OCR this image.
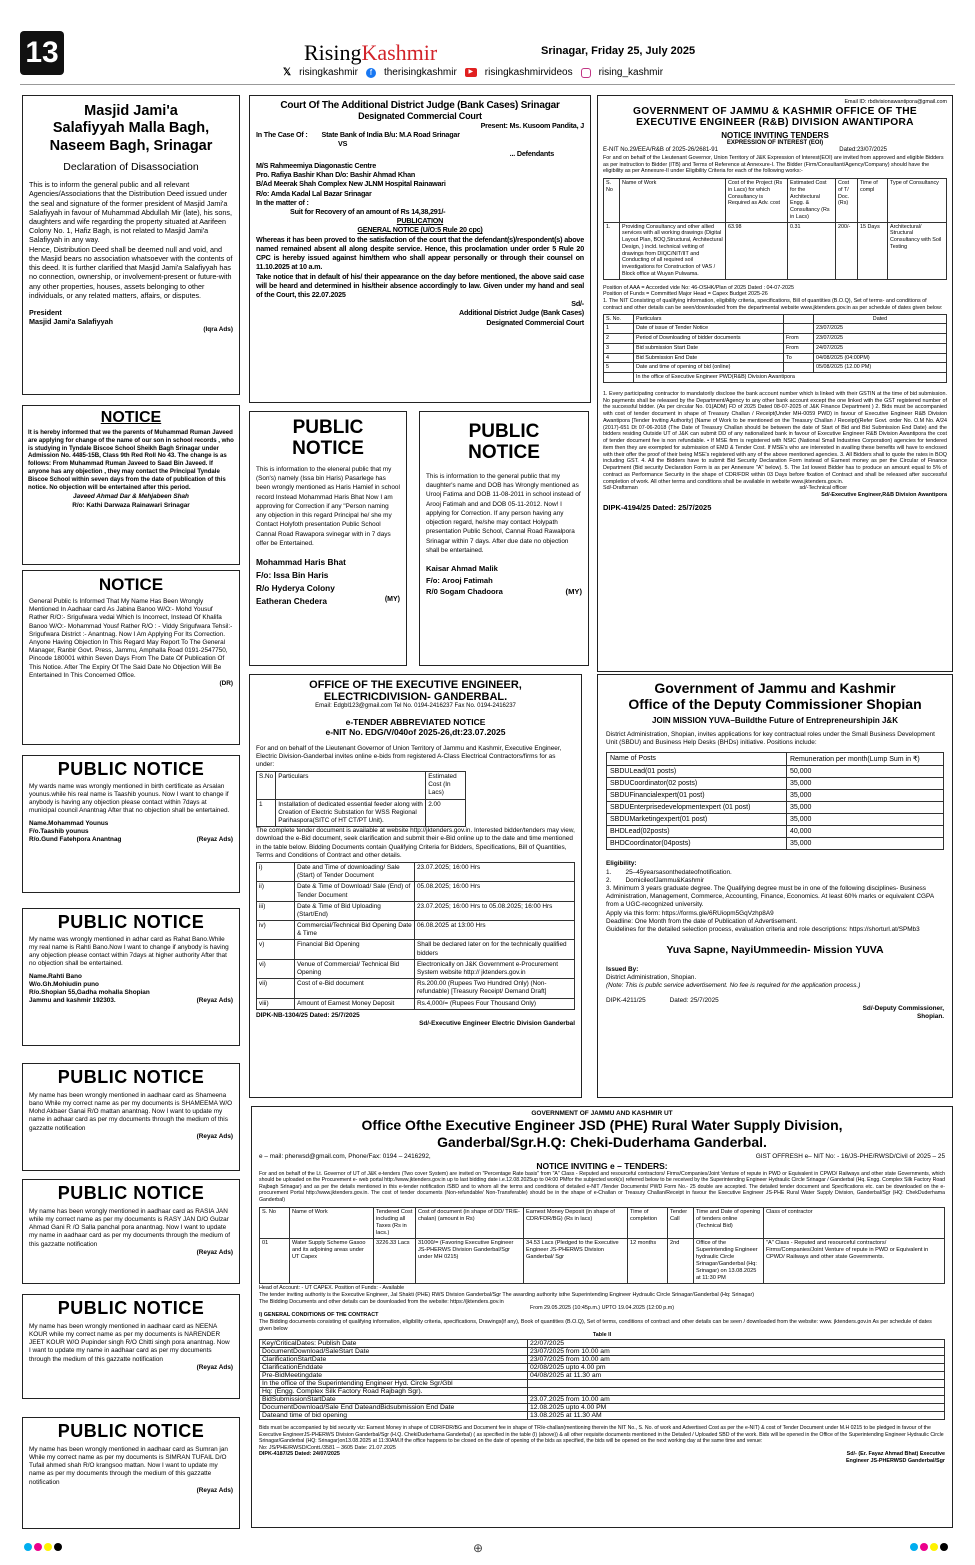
13	RisingKashmir	Srinagar, Friday 25, July 2025
𝕏 risingkashmir	f	therisingkashmir	▶	risingkashmirvideos	rising_kashmir
Masjid Jami'a
Salafiyyah Malla Bagh,
Naseem Bagh, Srinagar
Declaration of Disassociation
This is to inform the general public and all relevant Agencies/Associations that the Distribution Deed issued under the seal and signature of the former president of Masjid Jami'a Salafiyyah in favour of Muhammad Abdullah Mir (late), his sons, daughters and wife regarding the property situated at Aarifeen Colony No. 1, Hafiz Bagh, is not related to Masjid Jami'a Salafiyyah in any way.
Hence, Distribution Deed shall be deemed null and void, and the Masjid bears no association whatsoever with the contents of this deed. It is further clarified that Masjid Jami'a Salafiyyah has no connection, ownership, or involvement-present or future-with any other properties, houses, assets belonging to other individuals, or any related matters, affairs, or disputes.
President
Masjid Jami'a Salafiyyah
(Iqra Ads)
NOTICE
It is hereby informed that we the parents of Muhammad Ruman Javeed are applying for change of the name of our son in school records , who is studying in Tyndale Biscoe School Sheikh Bagh Srinagar under Admission No. 4485-15B, Class 9th Red Roll No 43. The change is as follows: From Muhammad Ruman Javeed to Saad Bin Javeed. If anyone has any objection , they may contact the Principal Tyndale Biscoe School within seven days from the date of publication of this notice. No objection will be entertained after this period.
Javeed Ahmad Dar & Mehjabeen Shah
R/o: Kathi Darwaza Rainawari Srinagar
NOTICE
General Public Is Informed That My Name Has Been Wrongly Mentioned In Aadhaar card As Jabina Banoo W/O:- Mohd Yousuf Rather R/O:- Srigufwara vedai Which Is Incorrect, Instead Of Khalifa Banoo W/O:- Mohammad Yousf Rather R/O : - Viddy Srigufwara Tehsil:- Srigufwara District :- Anantnag. Now I Am Applying For Its Correction. Anyone Having Objection In This Regard May Report To The General Manager, Ranbir Govt. Press, Jammu, Amphalla Road 0191-2547750, Pincode 180001 within Seven Days From The Date Of Publication Of This Notice. After The Expiry Of The Said Date No Objection Will Be Entertained In This Concerned Office.
(DR)
PUBLIC NOTICE
My wards name was wrongly mentioned in birth certificate as Arsalan younus.while his real name is Taashib younus. Now I want to change if anybody is having any objection please contact within 7days at municipal council Anantnag After that no objection shall be entertained.
Name.Mohammad Younus
F/o.Taashib younus
R/o.Gund Fatehpora Anantnag	(Reyaz Ads)
PUBLIC NOTICE
My name was wrongly mentioned in adhar card as Rahat Bano.While my real name is Rahti Bano.Now I want to change if anybody is having any objection please contact within 7days at higher authority After that no objection shall be entertained.
Name.Rahti Bano
W/o.Gh.Mohiudin puno
R/o.Shopian 55,Gadha mohalla Shopian
Jammu and kashmir 192303.	(Reyaz Ads)
PUBLIC NOTICE
My name has been wrongly mentioned in aadhaar card as Shameena bano While my correct name as per my documents is SHAMEEMA W/O Mohd Akbaer Ganai R/O mattan anantnag. Now I want to update my name in adhaar card as per my documents through the medium of this gazzatte notification
(Reyaz Ads)
PUBLIC NOTICE
My name has been wrongly mentioned in aadhaar card as RASIA JAN while my correct name as per my documents is RASY JAN D/O Gulzar Ahmad Gani R /O Salla panchal pora anantnag. Now I want to update my name in aadhaar card as per my documents through the medium of this gazzatte notification
(Reyaz Ads)
PUBLIC NOTICE
My name has been wrongly mentioned in aadhaar card as NEENA KOUR while my correct name as per my documents is NARENDER JEET KOUR W/O Pupinder singh R/O Chitti singh pora anantnag. Now I want to update my name in aadhaar card as per my documents through the medium of this gazzatte notification
(Reyaz Ads)
PUBLIC NOTICE
My name has been wrongly mentioned in aadhaar card as Sumran jan While my correct name as per my documents is SIMRAN TUFAIL D/O Tufail ahmed shah R/O krangsoo mattan. Now I want to update my name as per my documents through the medium of this gazzatte notification
(Reyaz Ads)
Court Of The Additional District Judge (Bank Cases) Srinagar
Designated Commercial Court
Present: Ms. Kusoom Pandita, J
In The Case Of : State Bank of India B/u: M.A Road Srinagar
VS
... Defendants
M/S Rahmeemiya Diagonastic Centre
Pro. Rafiya Bashir Khan D/o: Bashir Ahmad Khan
B/Ad Meerak Shah Complex New JLNM Hospital Rainawari
R/o: Amda Kadal Lal Bazar Srinagar
In the matter of :
Suit for Recovery of an amount of Rs 14,38,291/-
PUBLICATION
GENERAL NOTICE (U/O:5 Rule 20 cpc)
Whereas it has been proved to the satisfaction of the court that the defendant(s)/respondent(s) above named remained absent all along despite service. Hence, this proclamation under order 5 Rule 20 CPC is hereby issued against him/them who shall appear personally or through their counsel on 11.10.2025 at 10 a.m.
Take notice that in default of his/ their appearance on the day before mentioned, the above said case will be heard and determined in his/their absence accordingly to law. Given under my hand and seal of the Court, this 22.07.2025
Sd/-
Additional District Judge (Bank Cases)
Designated Commercial Court
PUBLIC
NOTICE
This is information to the eleneral public that my (Son's) namely (Issa bin Haris) Pasarlege has been wrongly mentioned as Haris Hamief in school record Instead Mohammad Haris Bhat Now I am approving for Correction if any "Person naming any objection in this regard Principal he/ she my Contact Holyfoth presentation Public School Cannal Road Rawapora svinegar with in 7 days offer be Entertained.
Mohammad Haris Bhat
F/o: Issa Bin Haris
R/o Hyderya Colony
Eatheran Chedera	(MY)
PUBLIC
NOTICE
This is information to the general public that my daughter's name and DOB has Wrongly mentioned as Urooj Fatima and DOB 11-08-2011 in school instead of Arooj Fatimah and and DOB 05-11-2012. Now! I applying for Correction. If any person having any objection regard, he/she may contact Holypath presentation Public School, Cannal Road Rawalpora Srinagar within 7 days. After due date no objection shall be entertained.
Kaisar Ahmad Malik
F/o: Arooj Fatimah
R/0 Sogam Chadoora	(MY)
OFFICE OF THE EXECUTIVE ENGINEER,
ELECTRICDIVISION- GANDERBAL.
Email: Edgbl123@gmail.com Tel No. 0194-2416237 Fax No. 0194-2416237
e-TENDER ABBREVIATED NOTICE
e-NIT No. EDG/V/040of 2025-26,dt:23.07.2025
For and on behalf of the Lieutenant Governor of Union Territory of Jammu and Kashmir, Executive Engineer, Electric Division-Ganderbal invites online e-bids from registered A-Class Electrical Contractors/firms for as under:
S.No	Particulars	Estimated Cost (In Lacs)
1	Installation of dedicated essential feeder along with Creation of Electric Substation for WSS Regional Parihaspora(SITC of HT CT/PT Unit).	2.00
The complete tender document is available at website http://jktenders.gov.in. Interested bidder/tenders may view, download the e-Bid document, seek clarification and submit their e-Bid online up to the date and time mentioned in the table below. Bidding Documents contain Qualifying Criteria for Bidders, Specifications, Bill of Quantities, Terms and Conditions of Contract and other details.
i)	Date and Time of downloading/ Sale (Start) of Tender Document	23.07.2025; 16:00 Hrs
ii)	Date & Time of Download/ Sale (End) of Tender Document	05.08.2025; 16:00 Hrs
iii)	Date & Time of Bid Uploading (Start/End)	23.07.2025; 16:00 Hrs to 05.08.2025; 16:00 Hrs
iv)	Commercial/Technical Bid Opening Date & Time	06.08.2025 at 13:00 Hrs
v)	Financial Bid Opening	Shall be declared later on for the technically qualified bidders
vi)	Venue of Commercial/ Technical Bid Opening	Electronically on J&K Government e-Procurement System website http:// jktenders.gov.in
vii)	Cost of e-Bid document	Rs.200.00 (Rupees Two Hundred Only) (Non-refundable) [Treasury Receipt/ Demand Draft]
viii)	Amount of Earnest Money Deposit	Rs.4,000/= (Rupees Four Thousand Only)
DIPK-NB-1304/25 Dated: 25/7/2025
Sd/-Executive Engineer Electric Division Ganderbal
Email ID: rbdivisionawantipora@gmail.com
GOVERNMENT OF JAMMU & KASHMIR OFFICE OF THE
EXECUTIVE ENGINEER (R&B) DIVISION AWANTIPORA
NOTICE INVITING TENDERS
EXPRESSION OF INTEREST (EOI)
E-NIT No.29/EEA/R&B of 2025-26/2681-91	Dated:23/07/2025
For and on behalf of the Lieutenant Governor, Union Territory of J&K Expression of Interest(EOI) are invited from approved and eligible Bidders as per instruction to Bidder (ITB) and Terms of Reference at Annexure-I. The Bidder (Firm/Consultant/Agency/Company) should have the eligibility as per Annexure-II under Eligibility Criteria for each of the following works:-
S. No	Name of Work	Cost of the Project (Rs in Lacs) for which Consultancy is Required as Adv. cost	Estimated Cost for the Architectural Engg. & Consultancy (Rs in Lacs)	Cost of T/ Doc. (Rs)	Time of compl	Type of Consultancy
1.	Providing Consultancy and other allied services with all working drawings (Digital Layout Plan, BOQ,Structural, Architectural Design, ) incld. technical vetting of drawings from DIQC/NIT/IIT and Conducting of all required soil investigations for Construction of VAS / Block office at Wuyan Pulwama.	63.98	0.31	200/-	15 Days	Architectural/ Structural Consultancy with Soil Testing
Position of AAA = Accorded vide No: 46-OSHK/Plan of 2025 Dated : 04-07-2025
Position of Funds = Committed Major Head = Capex Budget 2025-26
1. The NIT Consisting of qualifying information, eligibility criteria, specifications, Bill of quantities (B.O.Q), Set of terms- and conditions of contract and other details can be seen/downloaded from the departmental website www.jktenders.gov.in as per schedule of dates given below:
S. No.	Particulars		Dated
1	Date of issue of Tender Notice		23/07/2025
2	Period of Downloading of bidder documents	From	23/07/2025
3	Bid submission Start Date	From	24/07/2025
4	Bid Submission End Date	To	04/08/2025 (04:00PM)
5	Date and time of opening of bid (online)		05/08/2025 (12.00 PM)
	In the office of Executive Engineer PWD(R&B) Division Awantipora		
1. Every participating contractor to mandatorily disclose the bank account number which is linked with their GSTIN at the time of bid submission. No payments shall be released by the Department/Agency to any other bank account except the one linked with the GST registered number of the successful bidder. (As per circular No. 01(ADM) FD of 2025 Dated 08-07-2025 of J&K Finance Department ) 2. Bids must be accompanied with cost of tender document in shape of Treasury Challan / Receipt(Under MH-0059 PWD) in favour of Executive Engineer R&B Division Awantipora [Tender Inviting Authority] (Name of Work to be mentioned on the Treasury Challan / Receipt)(Refer Govt. order No. O.M No. A/24 (2017)-651 Dt 07-06-2018 (The Date of Treasury Challan should be between the date of Start of Bid and Bid Submission End Date) and the bidders residing Outside UT of J&K can submit DD of any nationalized bank in favour of Executive Engineer R&B Division Awantipora the cost of tender document fee is non refundable. • If MSE firm is registered with NSIC (National Small Industries Corporation) agencies for tendered item then they are exempted for submission of EMD & Tender Cost. If MSE's who are interested in availing these benefits will have to enclosed with their offer the proof of their being MSE's registered with any of the above mentioned agencies. 3. All Bidders shall to quote the rates in BOQ including GST. 4. All the Bidders have to submit Bid Security Declaration Form instead of Earnest money as per the Circular of Finance Department (Bid security Declaration Form is as per Annexure "A" below). 5. The 1st lowest Bidder has to produce an amount equal to 5% of contract as Performance Security in the shape of CDR/FDR within 03 Days before fixation of Contract and shall be released after successful completion of work. All other terms and conditions shall be available in website www.jktenders.gov.in.
Sd/-Draftsman	sd/-Technical officer
Sd/-Executive Engineer,R&B Division Awantipora
DIPK-4194/25 Dated: 25/7/2025
Government of Jammu and Kashmir
Office of the Deputy Commissioner Shopian
JOIN MISSION YUVA–Buildthe Future of Entrepreneurshipin J&K
District Administration, Shopian, invites applications for key contractual roles under the Small Business Development Unit (SBDU) and Business Help Desks (BHDs) initiative. Positions include:
Name of Posts	Remuneration per month(Lump Sum in ₹)
SBDULead(01 posts)	50,000
SBDUCoordinator(02 posts)	35,000
SBDUFinancialexpert(01 post)	35,000
SBDUEnterprisedevelopmentexpert (01 post)	35,000
SBDUMarketingexpert(01 post)	35,000
BHDLead(02posts)	40,000
BHDCoordinator(04posts)	35,000
Eligibility:
1.        25–45yearsasonthedateofnotification.
2.        DomicileofJammu&Kashmir
3. Minimum 3 years graduate degree. The Qualifying degree must be in one of the following disciplines- Business Administration, Management, Commerce, Accounting, Finance, Economics. At least 60% marks or equivalent CGPA from a UGC-recognized university.
Apply via this form: https://forms.gle/6RUiopm5GqVzhp8A9
Deadline: One Month from the date of Publication of Advertisement.
Guidelines for the detailed selection process, evaluation criteria and role descriptions: https://shorturl.at/SPMb3
Yuva Sapne, NayiUmmeedin- Mission YUVA
Issued By:
District Administration, Shopian.
(Note: This is public service advertisement. No fee is required for the application process.)
DIPK-4211/25	Dated: 25/7/2025
Sd/-Deputy Commissioner,
Shopian.
GOVERNMENT OF JAMMU AND KASHMIR UT
Office Ofthe Executive Engineer JSD (PHE) Rural Water Supply Division,
Ganderbal/Sgr.H.Q: Cheki-Duderhama Ganderbal.
e – mail: pherwsd@gmail.com, Phone/Fax: 0194 – 2416292,	GIST OFFRESH e– NIT No: - 16/JS-PHE/RWSD/Civil of 2025 – 25
NOTICE INVITING e – TENDERS:
For and on behalf of the Lt. Governor of UT of J&K e-tenders (Two cover System) are invited on "Percentage Rate basis" from "A" Class - Reputed and resourceful contractors/ Firms/Companies/Joint Venture of repute in PWD or Equivalent in CPWD/ Railways and other state Governments, which should be uploaded on the Procurement e- web portal http://www.jktenders.gov.in up to last bidding date i.e.12.08.2025up to 04:00 PMfor the subjected work(s) referred below to be received by the Superintending Engineer Hydraulic Circle Srinagar / Ganderbal (Hq. Engg. Complex Silk Factory Road Rajbagh Srinagar) and as per the details mentioned in this e-tender notification /SBD and to whom all the terms and conditions of detailed e-NIT /Tender Documents/ PWD Form No.- 25 double are accepted. The detailed tender document and Specifications etc. can be downloaded on the e-procurement Portal http://www.jktenders.gov.in. The cost of tender documents (Non-refundable/ Non-Transferable) should be in the shape of e-Challan or Treasury Challan/Receipt in favour the Executive Engineer JS-PHE Rural Water Supply Division, Ganderbal/Sgr (HQ: ChekDuderhama Ganderbal)
S. No	Name of Work	Tendered Cost including all Taxes (Rs in lacs.)	Cost of document (in shape of DD/ TR/E- chalan) (amount in Rs)	Earnest Money Deposit (in shape of CDR/FDR/BG) (Rs in lacs)	Time of completion	Tender Call	Time and Date of opening of tenders online (Technical Bid)	Class of contractor
01	Water Supply Scheme Gasoo and its adjoining areas under UT Capex	3226.33 Lacs	31000/= (Favoring Executive Engineer JS-PHERWS Division Ganderbal/Sgr under MH 0215)	34.53 Lacs (Pledged to the Executive Engineer JS-PHERWS Division Ganderbal/ Sgr	12 months	2nd	Office of the Superintending Engineer hydraulic Circle Srinagar/Ganderbal (Hq: Srinagar) on 13.08.2025 at 11:30 PM	"A" Class - Reputed and resourceful contractors/ Firms/Companies/Joint Venture of repute in PWD or Equivalent in CPWD/ Railways and other state Governments.
Head of Account: - UT CAPEX. Position of Funds: - Available
The tender inviting authority is the Executive Engineer, Jal Shakti (PHE) RWS Division Ganderbal/Sgr The awarding authority isthe Superintending Engineer Hydraulic Circle Srinagar/Ganderbal (Hq: Srinagar)
The Bidding Documents and other details can be downloaded from the website: https://jktenders.gov.in
From 29.05.2025 (10:45p.m.) UPTO 19.04.2025 (12:00 p.m)
I) GENERAL CONDITIONS OF THE CONTRACT
The Bidding documents consisting of qualifying information, eligibility criteria, specifications, Drawings(if any), Book of quantities (B.O.Q), Set of terms, conditions of contract and other details can be seen / downloaded from the website: www. jktenders.gov.in As per schedule of dates given below
Table II
Key/CriticalDates: Publish Date	22/07/2025
DocumentDownload/SaleStart Date	23/07/2025 from 10.00 am
ClarificationStartDate	23/07/2025 from 10.00 am
ClarificationEnddate	02/08/2025 upto 4.00 pm
Pre-BidMeetingdate	04/08/2025 at 11.30 am
In the office of the Superintending Engineer Hyd. Circle Sgr/Gbl	
Hq: (Engg. Complex Silk Factory Road Rajbagh Sgr).	
BidSubmissionStartDate	23.07.2025 from 10.00 am
DocumentDownload/Sale End DateandBidsubmission End Date	12.08.2025 upto 4.00 PM
Dateand time of bid opening	13.08.2025 at 11.30 AM
Bids must be accompanied by bid security viz: Earnest Money in shape of CDR/FDR/BG and Document fee in shape of TR/e-challan(mentioning therein the NIT No., S. No. of work and Advertised Cost as per the e-NIT) & cost of Tender Document under M.H 0215 to be pledged in favour of the Executive EngineerJS-PHERWS Division Ganderbal/Sgr (H.Q. ChekiDuderhama Ganderbal) ( as specified in the table (I) (above)) & all other requisite documents mentioned in the Detailed / Uploaded SBD of the work. Bids will be opened in the Office of the Superintending Engineer Hydraulic Circle Srinagar/Ganderbal (HQ: Srinagar)on13.08.2025 at 11:30AM.If the office happens to be closed on the date of opening of the bids as specified, the bids will be opened on the next working day at the same time and venue:
No: JS/PHE/RWSD/Contt./3581 – 3605 Date: 21.07.2025
DIPK-4187/25 Dated: 24/07/2025	Sd/- (Er. Fayaz Ahmad Bhat) Executive
Engineer JS-PHERWSD Ganderbal/Sgr
⊕
